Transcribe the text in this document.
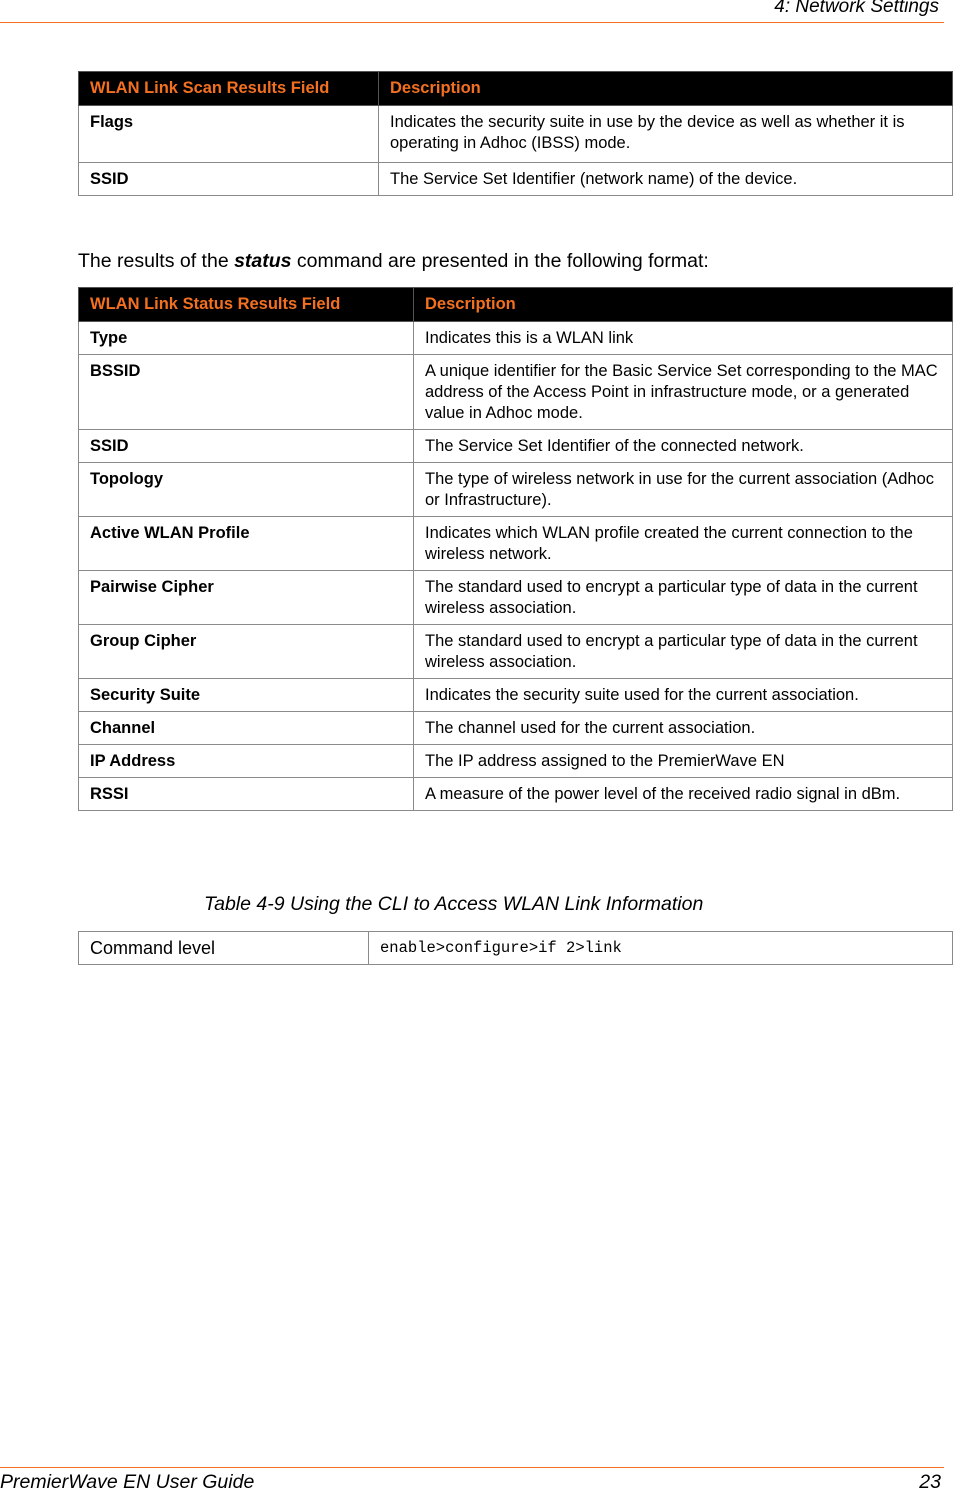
4: Network Settings
WLAN Link Scan Results Field	Description
Flags	Indicates the security suite in use by the device as well as whether it is operating in Adhoc (IBSS) mode.
SSID	The Service Set Identifier (network name) of the device.
The results of the status command are presented in the following format:
WLAN Link Status Results Field	Description
Type	Indicates this is a WLAN link
BSSID	A unique identifier for the Basic Service Set corresponding to the MAC address of the Access Point in infrastructure mode, or a generated value in Adhoc mode.
SSID	The Service Set Identifier of the connected network.
Topology	The type of wireless network in use for the current association (Adhoc or Infrastructure).
Active WLAN Profile	Indicates which WLAN profile created the current connection to the wireless network.
Pairwise Cipher	The standard used to encrypt a particular type of data in the current wireless association.
Group Cipher	The standard used to encrypt a particular type of data in the current wireless association.
Security Suite	Indicates the security suite used for the current association.
Channel	The channel used for the current association.
IP Address	The IP address assigned to the PremierWave EN
RSSI	A measure of the power level of the received radio signal in dBm.
Table 4-9 Using the CLI to Access WLAN Link Information
Command level	enable>configure>if 2>link
PremierWave EN User Guide	23
